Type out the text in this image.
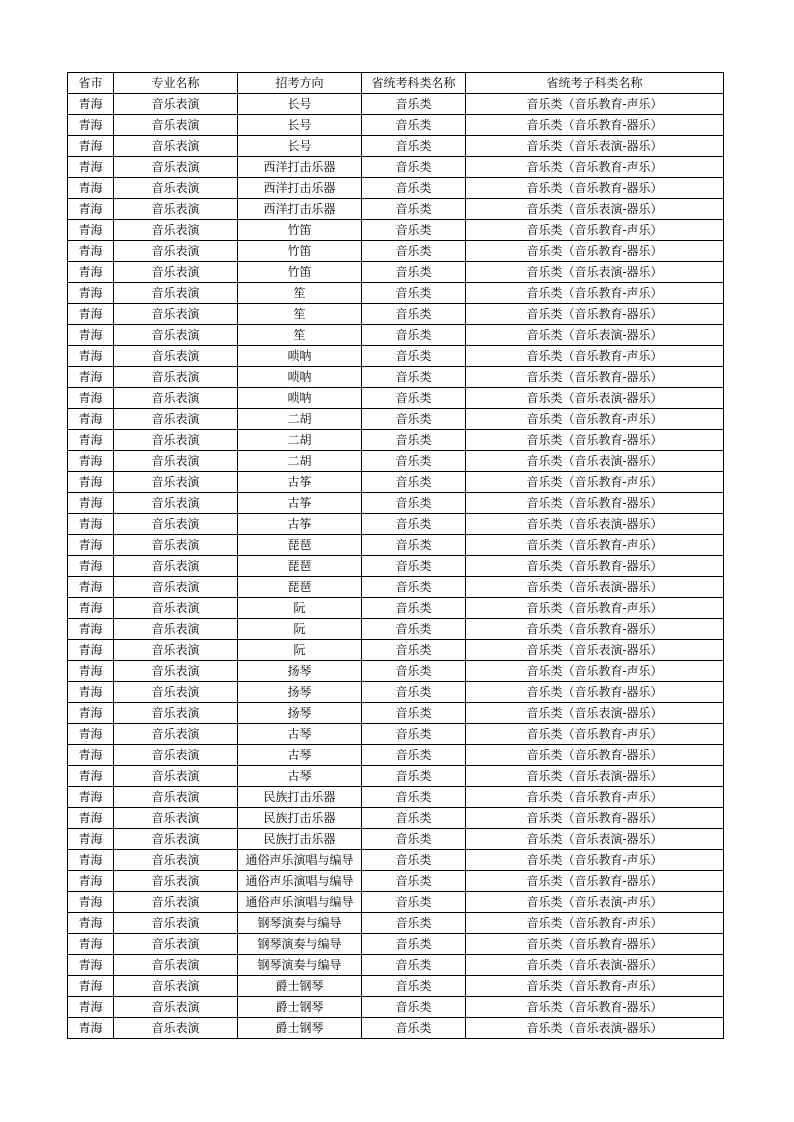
省市	专业名称	招考方向	省统考科类名称	省统考子科类名称
青海	音乐表演	长号	音乐类	音乐类（音乐教育-声乐）
青海	音乐表演	长号	音乐类	音乐类（音乐教育-器乐）
青海	音乐表演	长号	音乐类	音乐类（音乐表演-器乐）
青海	音乐表演	西洋打击乐器	音乐类	音乐类（音乐教育-声乐）
青海	音乐表演	西洋打击乐器	音乐类	音乐类（音乐教育-器乐）
青海	音乐表演	西洋打击乐器	音乐类	音乐类（音乐表演-器乐）
青海	音乐表演	竹笛	音乐类	音乐类（音乐教育-声乐）
青海	音乐表演	竹笛	音乐类	音乐类（音乐教育-器乐）
青海	音乐表演	竹笛	音乐类	音乐类（音乐表演-器乐）
青海	音乐表演	笙	音乐类	音乐类（音乐教育-声乐）
青海	音乐表演	笙	音乐类	音乐类（音乐教育-器乐）
青海	音乐表演	笙	音乐类	音乐类（音乐表演-器乐）
青海	音乐表演	唢呐	音乐类	音乐类（音乐教育-声乐）
青海	音乐表演	唢呐	音乐类	音乐类（音乐教育-器乐）
青海	音乐表演	唢呐	音乐类	音乐类（音乐表演-器乐）
青海	音乐表演	二胡	音乐类	音乐类（音乐教育-声乐）
青海	音乐表演	二胡	音乐类	音乐类（音乐教育-器乐）
青海	音乐表演	二胡	音乐类	音乐类（音乐表演-器乐）
青海	音乐表演	古筝	音乐类	音乐类（音乐教育-声乐）
青海	音乐表演	古筝	音乐类	音乐类（音乐教育-器乐）
青海	音乐表演	古筝	音乐类	音乐类（音乐表演-器乐）
青海	音乐表演	琵琶	音乐类	音乐类（音乐教育-声乐）
青海	音乐表演	琵琶	音乐类	音乐类（音乐教育-器乐）
青海	音乐表演	琵琶	音乐类	音乐类（音乐表演-器乐）
青海	音乐表演	阮	音乐类	音乐类（音乐教育-声乐）
青海	音乐表演	阮	音乐类	音乐类（音乐教育-器乐）
青海	音乐表演	阮	音乐类	音乐类（音乐表演-器乐）
青海	音乐表演	扬琴	音乐类	音乐类（音乐教育-声乐）
青海	音乐表演	扬琴	音乐类	音乐类（音乐教育-器乐）
青海	音乐表演	扬琴	音乐类	音乐类（音乐表演-器乐）
青海	音乐表演	古琴	音乐类	音乐类（音乐教育-声乐）
青海	音乐表演	古琴	音乐类	音乐类（音乐教育-器乐）
青海	音乐表演	古琴	音乐类	音乐类（音乐表演-器乐）
青海	音乐表演	民族打击乐器	音乐类	音乐类（音乐教育-声乐）
青海	音乐表演	民族打击乐器	音乐类	音乐类（音乐教育-器乐）
青海	音乐表演	民族打击乐器	音乐类	音乐类（音乐表演-器乐）
青海	音乐表演	通俗声乐演唱与编导	音乐类	音乐类（音乐教育-声乐）
青海	音乐表演	通俗声乐演唱与编导	音乐类	音乐类（音乐教育-器乐）
青海	音乐表演	通俗声乐演唱与编导	音乐类	音乐类（音乐表演-声乐）
青海	音乐表演	钢琴演奏与编导	音乐类	音乐类（音乐教育-声乐）
青海	音乐表演	钢琴演奏与编导	音乐类	音乐类（音乐教育-器乐）
青海	音乐表演	钢琴演奏与编导	音乐类	音乐类（音乐表演-器乐）
青海	音乐表演	爵士钢琴	音乐类	音乐类（音乐教育-声乐）
青海	音乐表演	爵士钢琴	音乐类	音乐类（音乐教育-器乐）
青海	音乐表演	爵士钢琴	音乐类	音乐类（音乐表演-器乐）
